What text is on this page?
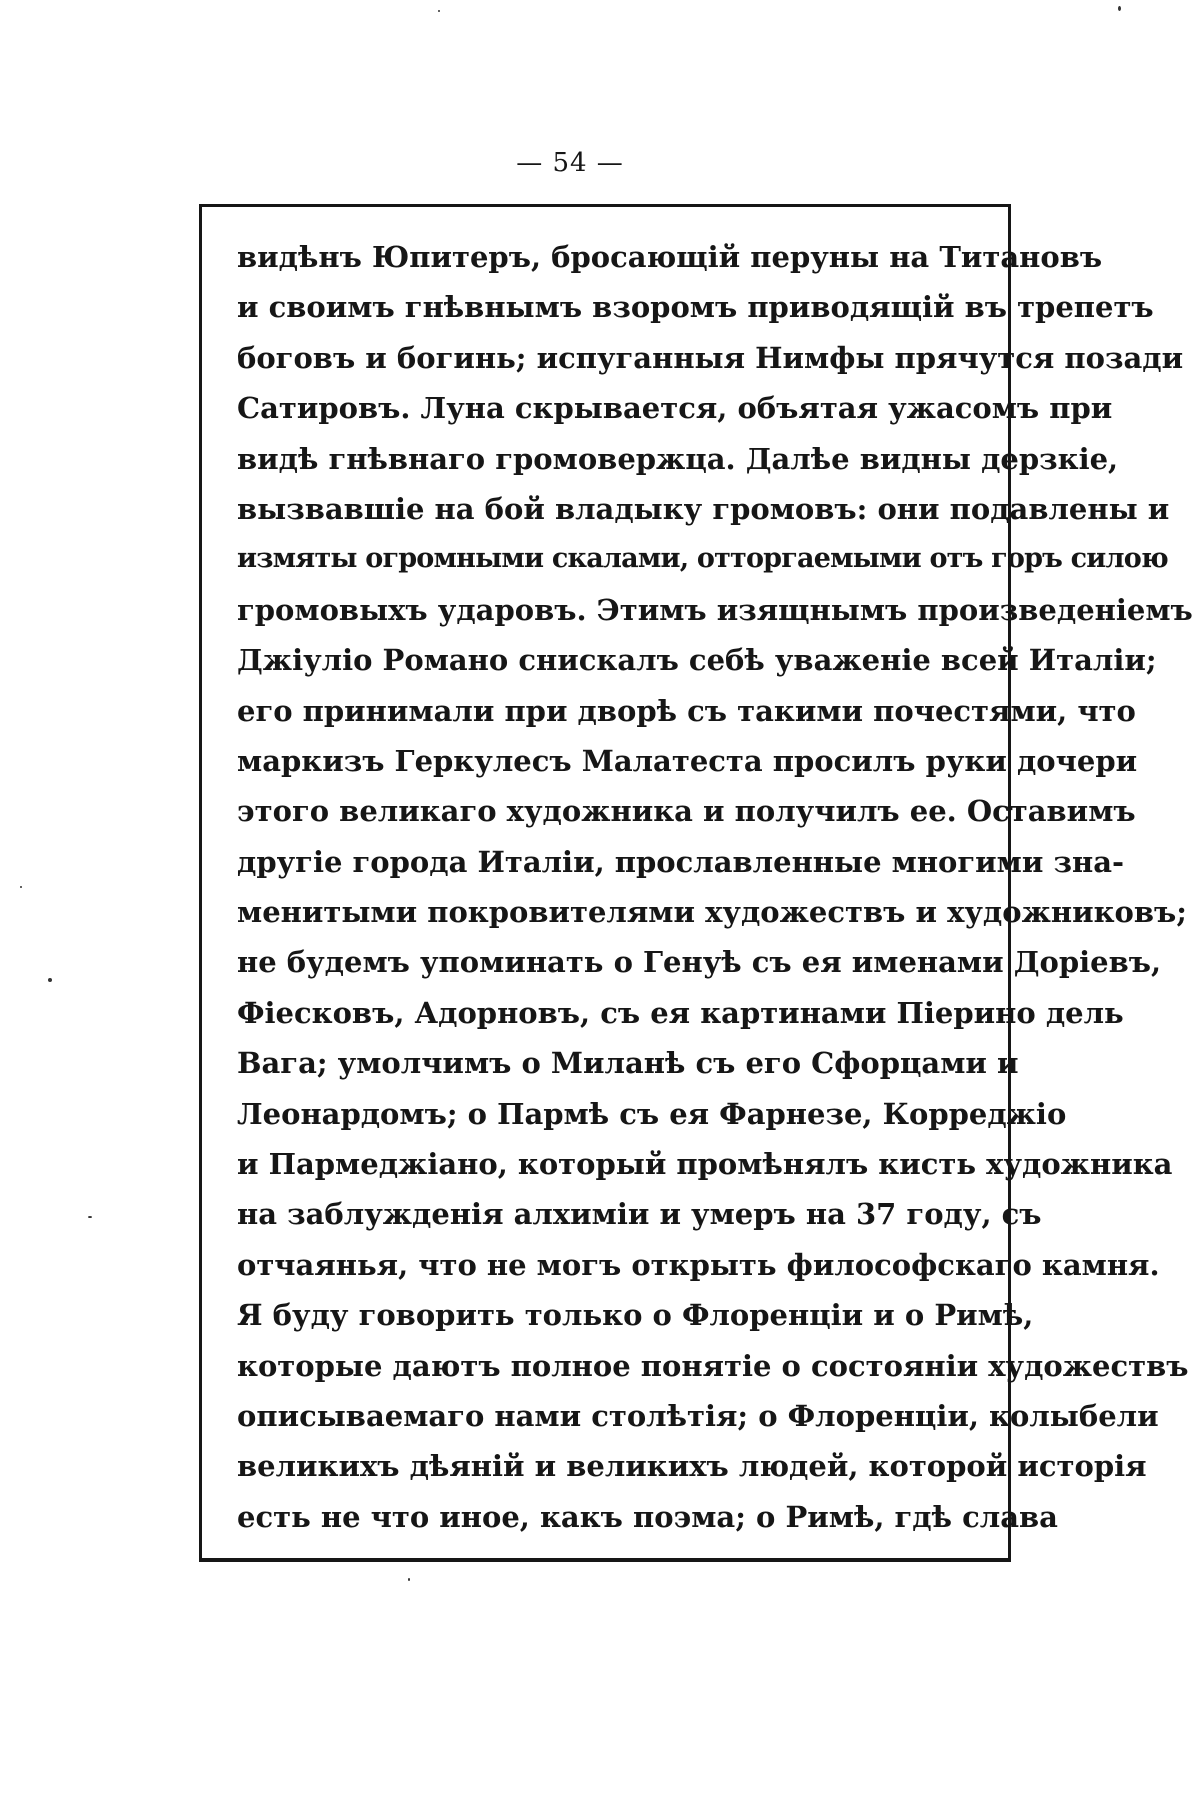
— 54 —
видѣнъ Юпитеръ, бросающій перуны на Титановъ
и своимъ гнѣвнымъ взоромъ приводящій въ трепетъ
боговъ и богинь; испуганныя Нимфы прячутся позади
Сатировъ. Луна скрывается, объятая ужасомъ при
видѣ гнѣвнаго громовержца. Далѣе видны дерзкіе,
вызвавшіе на бой владыку громовъ: они подавлены и
измяты огромными скалами, отторгаемыми отъ горъ силою
громовыхъ ударовъ. Этимъ изящнымъ произведеніемъ
Джіуліо Романо снискалъ себѣ уваженіе всей Италіи;
его принимали при дворѣ съ такими почестями, что
маркизъ Геркулесъ Малатеста просилъ руки дочери
этого великаго художника и получилъ ее. Оставимъ
другіе города Италіи, прославленные многими зна-
менитыми покровителями художествъ и художниковъ;
не будемъ упоминать о Генуѣ съ ея именами Доріевъ,
Фіесковъ, Адорновъ, съ ея картинами Піерино дель
Вага; умолчимъ о Миланѣ съ его Сфорцами и
Леонардомъ; о Пармѣ съ ея Фарнезе, Корреджіо
и Пармеджіано, который промѣнялъ кисть художника
на заблужденія алхиміи и умеръ на 37 году, съ
отчаянья, что не могъ открыть философскаго камня.
Я буду говорить только о Флоренціи и о Римѣ,
которые даютъ полное понятіе о состояніи художествъ
описываемаго нами столѣтія; о Флоренціи, колыбели
великихъ дѣяній и великихъ людей, которой исторія
есть не что иное, какъ поэма; о Римѣ, гдѣ слава
